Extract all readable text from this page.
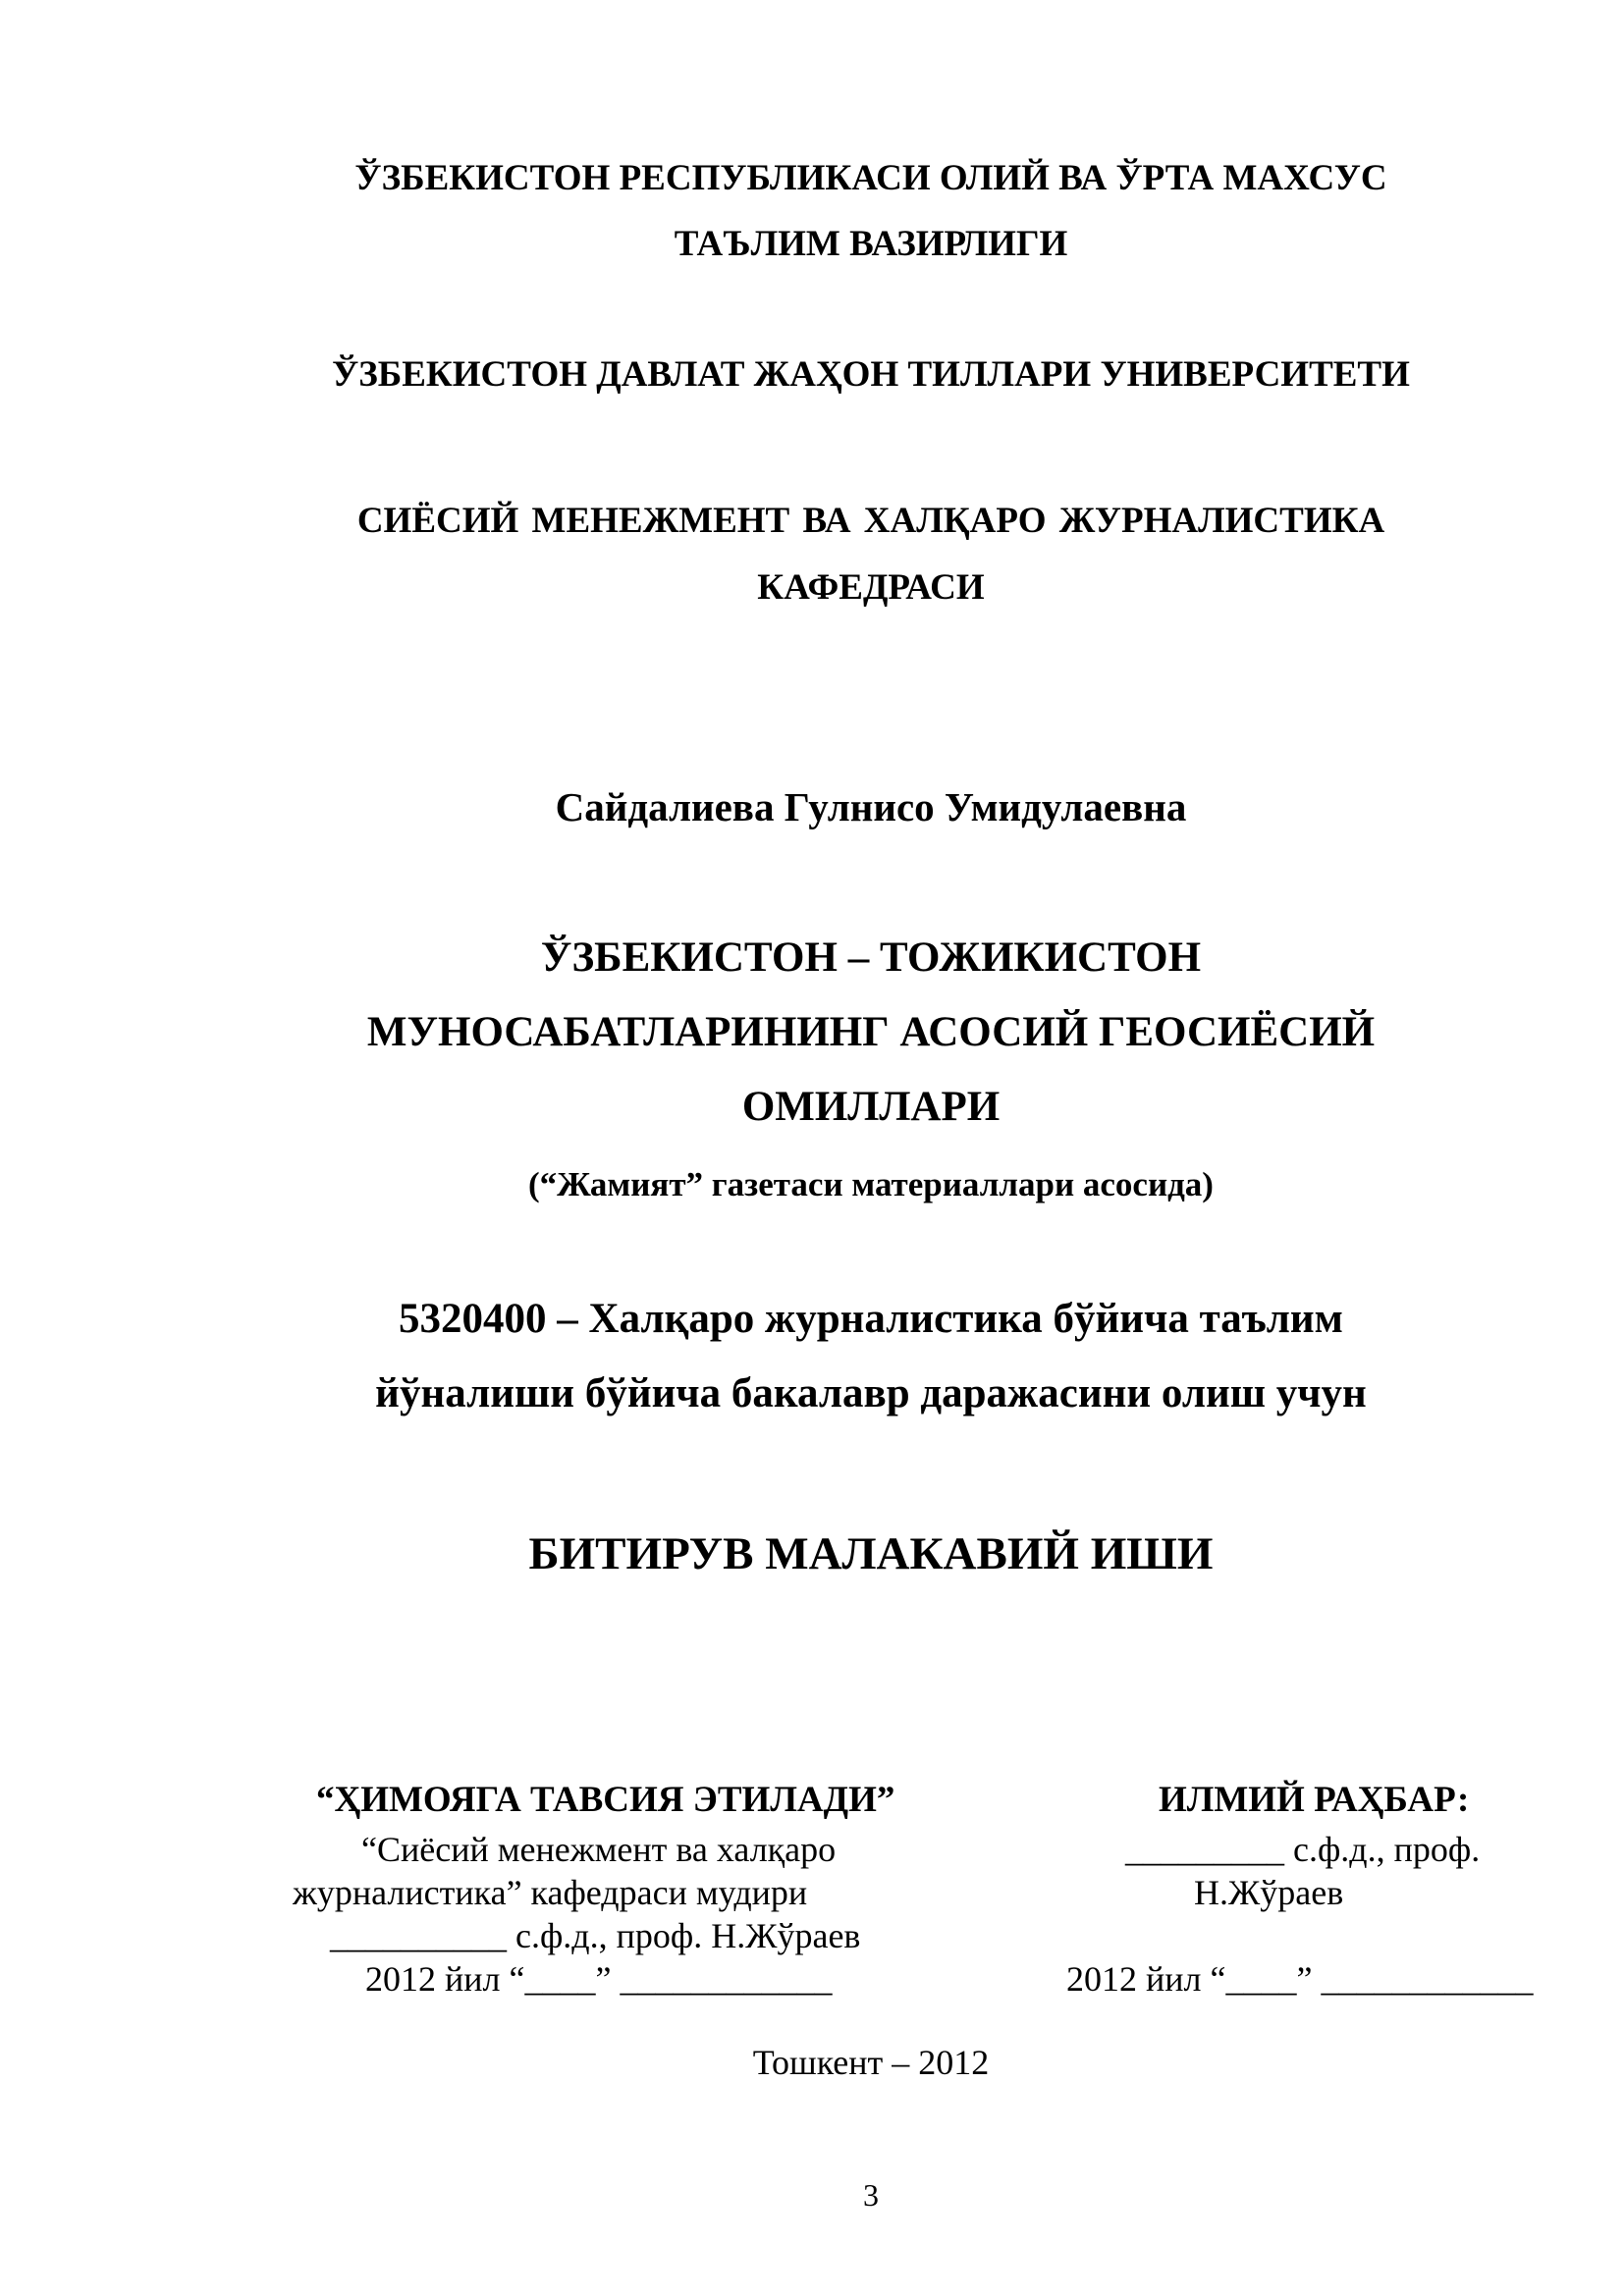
ЎЗБЕКИСТОН РЕСПУБЛИКАСИ ОЛИЙ ВА ЎРТА МАХСУС
ТАЪЛИМ ВАЗИРЛИГИ
ЎЗБЕКИСТОН ДАВЛАТ ЖАҲОН ТИЛЛАРИ УНИВЕРСИТЕТИ
СИЁСИЙ МЕНЕЖМЕНТ ВА ХАЛҚАРО ЖУРНАЛИСТИКА
КАФЕДРАСИ
Сайдалиева Гулнисо Умидулаевна
ЎЗБЕКИСТОН – ТОЖИКИСТОН
МУНОСАБАТЛАРИНИНГ АСОСИЙ ГЕОСИЁСИЙ
ОМИЛЛАРИ
(“Жамият” газетаси материаллари асосида)
5320400 – Халқаро журналистика бўйича таълим
йўналиши бўйича бакалавр даражасини олиш учун
БИТИРУВ МАЛАКАВИЙ ИШИ
“ҲИМОЯГА ТАВСИЯ ЭТИЛАДИ”
“Сиёсий менежмент ва халқаро
журналистика” кафедраси мудири
__________ с.ф.д., проф. Н.Жўраев
2012 йил “____” ____________
ИЛМИЙ РАҲБАР:
_________ с.ф.д., проф.
Н.Жўраев
2012 йил “____” ____________
Тошкент – 2012
3
